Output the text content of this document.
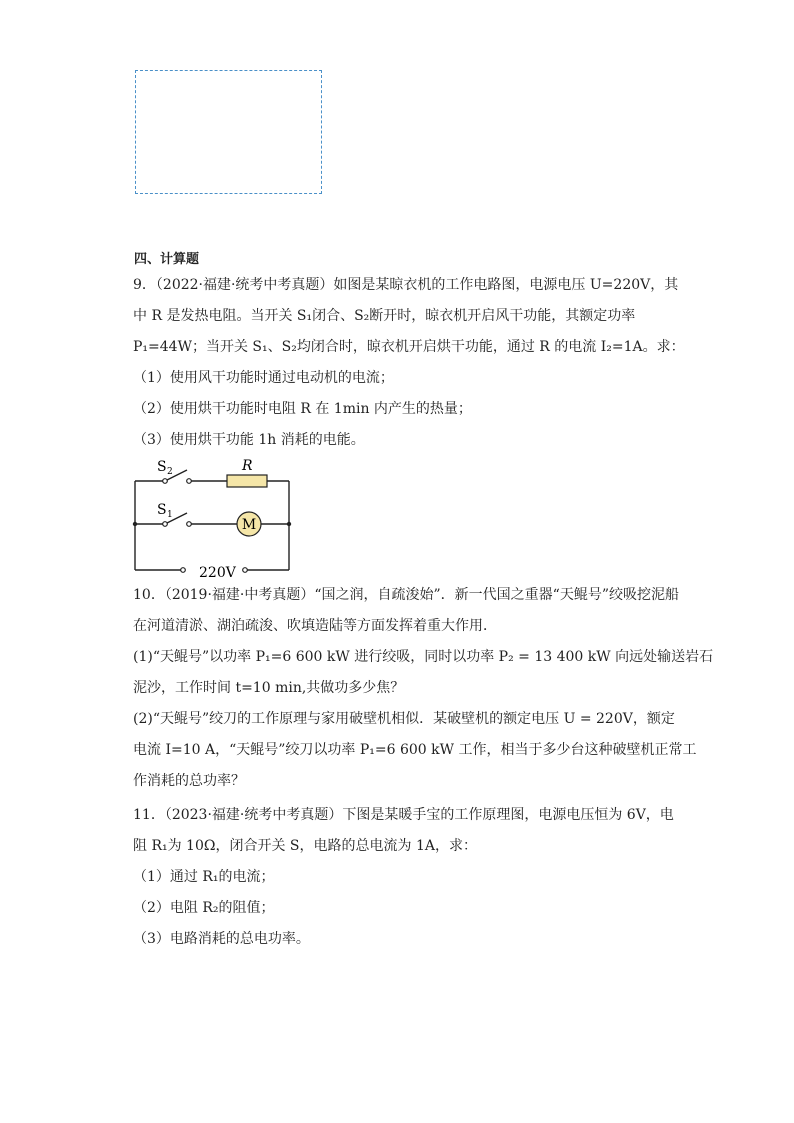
四、计算题
9．（2022·福建·统考中考真题）如图是某晾衣机的工作电路图，电源电压 U=220V，其
中 R 是发热电阻。当开关 S₁闭合、S₂断开时，晾衣机开启风干功能，其额定功率
P₁=44W；当开关 S₁、S₂均闭合时，晾衣机开启烘干功能，通过 R 的电流 I₂=1A。求：
（1）使用风干功能时通过电动机的电流；
（2）使用烘干功能时电阻 R 在 1min 内产生的热量；
（3）使用烘干功能 1h 消耗的电能。
S 2	R
M
S 1
220V
10．（2019·福建·中考真题）“国之润，自疏浚始”．新一代国之重器“天鲲号”绞吸挖泥船
在河道清淤、湖泊疏浚、吹填造陆等方面发挥着重大作用．
(1)“天鲲号”以功率 P₁=6 600 kW 进行绞吸，同时以功率 P₂ = 13 400 kW 向远处输送岩石
泥沙，工作时间 t=10 min,共做功多少焦？
(2)“天鲲号”绞刀的工作原理与家用破壁机相似．某破壁机的额定电压 U = 220V，额定
电流 I=10 A，“天鲲号”绞刀以功率 P₁=6 600 kW 工作，相当于多少台这种破壁机正常工
作消耗的总功率？
11．（2023·福建·统考中考真题）下图是某暖手宝的工作原理图，电源电压恒为 6V，电
阻 R₁为 10Ω，闭合开关 S，电路的总电流为 1A，求：
（1）通过 R₁的电流；
（2）电阻 R₂的阻值；
（3）电路消耗的总电功率。
